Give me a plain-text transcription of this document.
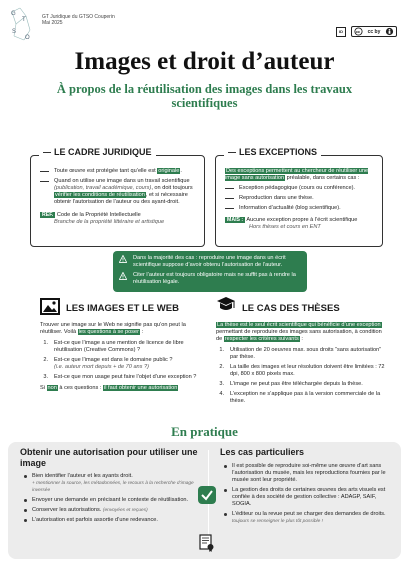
G
T
S
O
GT Juridique du GTSO Couperin
Mai 2025
ID	cc cc by
Images et droit d’auteur
À propos de la réutilisation des images dans les travaux scientifiques
LE CADRE JURIDIQUE
Toute œuvre est protégée tant qu’elle est originale.
Quand on utilise une image dans un travail scientifique (publication, travail académique, cours), on doit toujours vérifier les conditions de réutilisation, et si nécessaire obtenir l’autorisation de l’auteur ou des ayant-droit.
RÉF. Code de la Propriété Intellectuelle
Branche de la propriété littéraire et artistique
LES EXCEPTIONS
Des exceptions permettent au chercheur de réutiliser une image sans autorisation préalable, dans certains cas :
Exception pédagogique (cours ou conférence).
Reproduction dans une thèse.
Information d’actualité (blog scientifique).
MAIS : Aucune exception propre à l’écrit scientifique
Hors thèses et cours en ENT
Dans la majorité des cas : reproduire une image dans un écrit scientifique suppose d’avoir obtenu l’autorisation de l’auteur.
Citer l’auteur est toujours obligatoire mais ne suffit pas à rendre la réutilisation légale.
LES IMAGES ET LE WEB
Trouver une image sur le Web ne signifie pas qu’on peut la réutiliser. Voilà les questions à se poser :
1. Est-ce que l’image a une mention de licence de libre réutilisation (Creative Commons) ?
2. Est-ce que l’image est dans le domaine public ?
(i.e. auteur mort depuis + de 70 ans ?)
3. Est-ce que mon usage peut faire l’objet d’une exception ?
Si non à ces questions : il faut obtenir une autorisation
LE CAS DES THÈSES
La thèse est le seul écrit scientifique qui bénéficie d’une exception permettant de reproduire des images sans autorisation, à condition de respecter les critères suivants :
1. Utilisation de 20 oeuvres max. sous droits “sans autorisation” par thèse.
2. La taille des images et leur résolution doivent être limitées : 72 dpi, 800 x 800 pixels max.
3. L’image ne peut pas être téléchargée depuis la thèse.
4. L’exception ne s’applique pas à la version commerciale de la thèse.
En pratique
Obtenir une autorisation pour utiliser une image
Bien identifier l’auteur et les ayants droit.
+ mentionner la source, les métadonnées, le recours à la recherche d’image inversée
Envoyer une demande en précisant le contexte de réutilisation.
Conserver les autorisations. (envoyées et reçues)
L’autorisation est parfois assortie d’une redevance.
Les cas particuliers
Il est possible de reproduire soi-même une œuvre d’art sans l’autorisation du musée, mais les reproductions fournies par le musée sont leur propriété.
La gestion des droits de certaines œuvres des arts visuels est confiée à des société de gestion collective : ADAGP, SAIF, SOGIA.
L’éditeur ou la revue peut se charger des demandes de droits. toujours se renseigner le plus tôt possible !
